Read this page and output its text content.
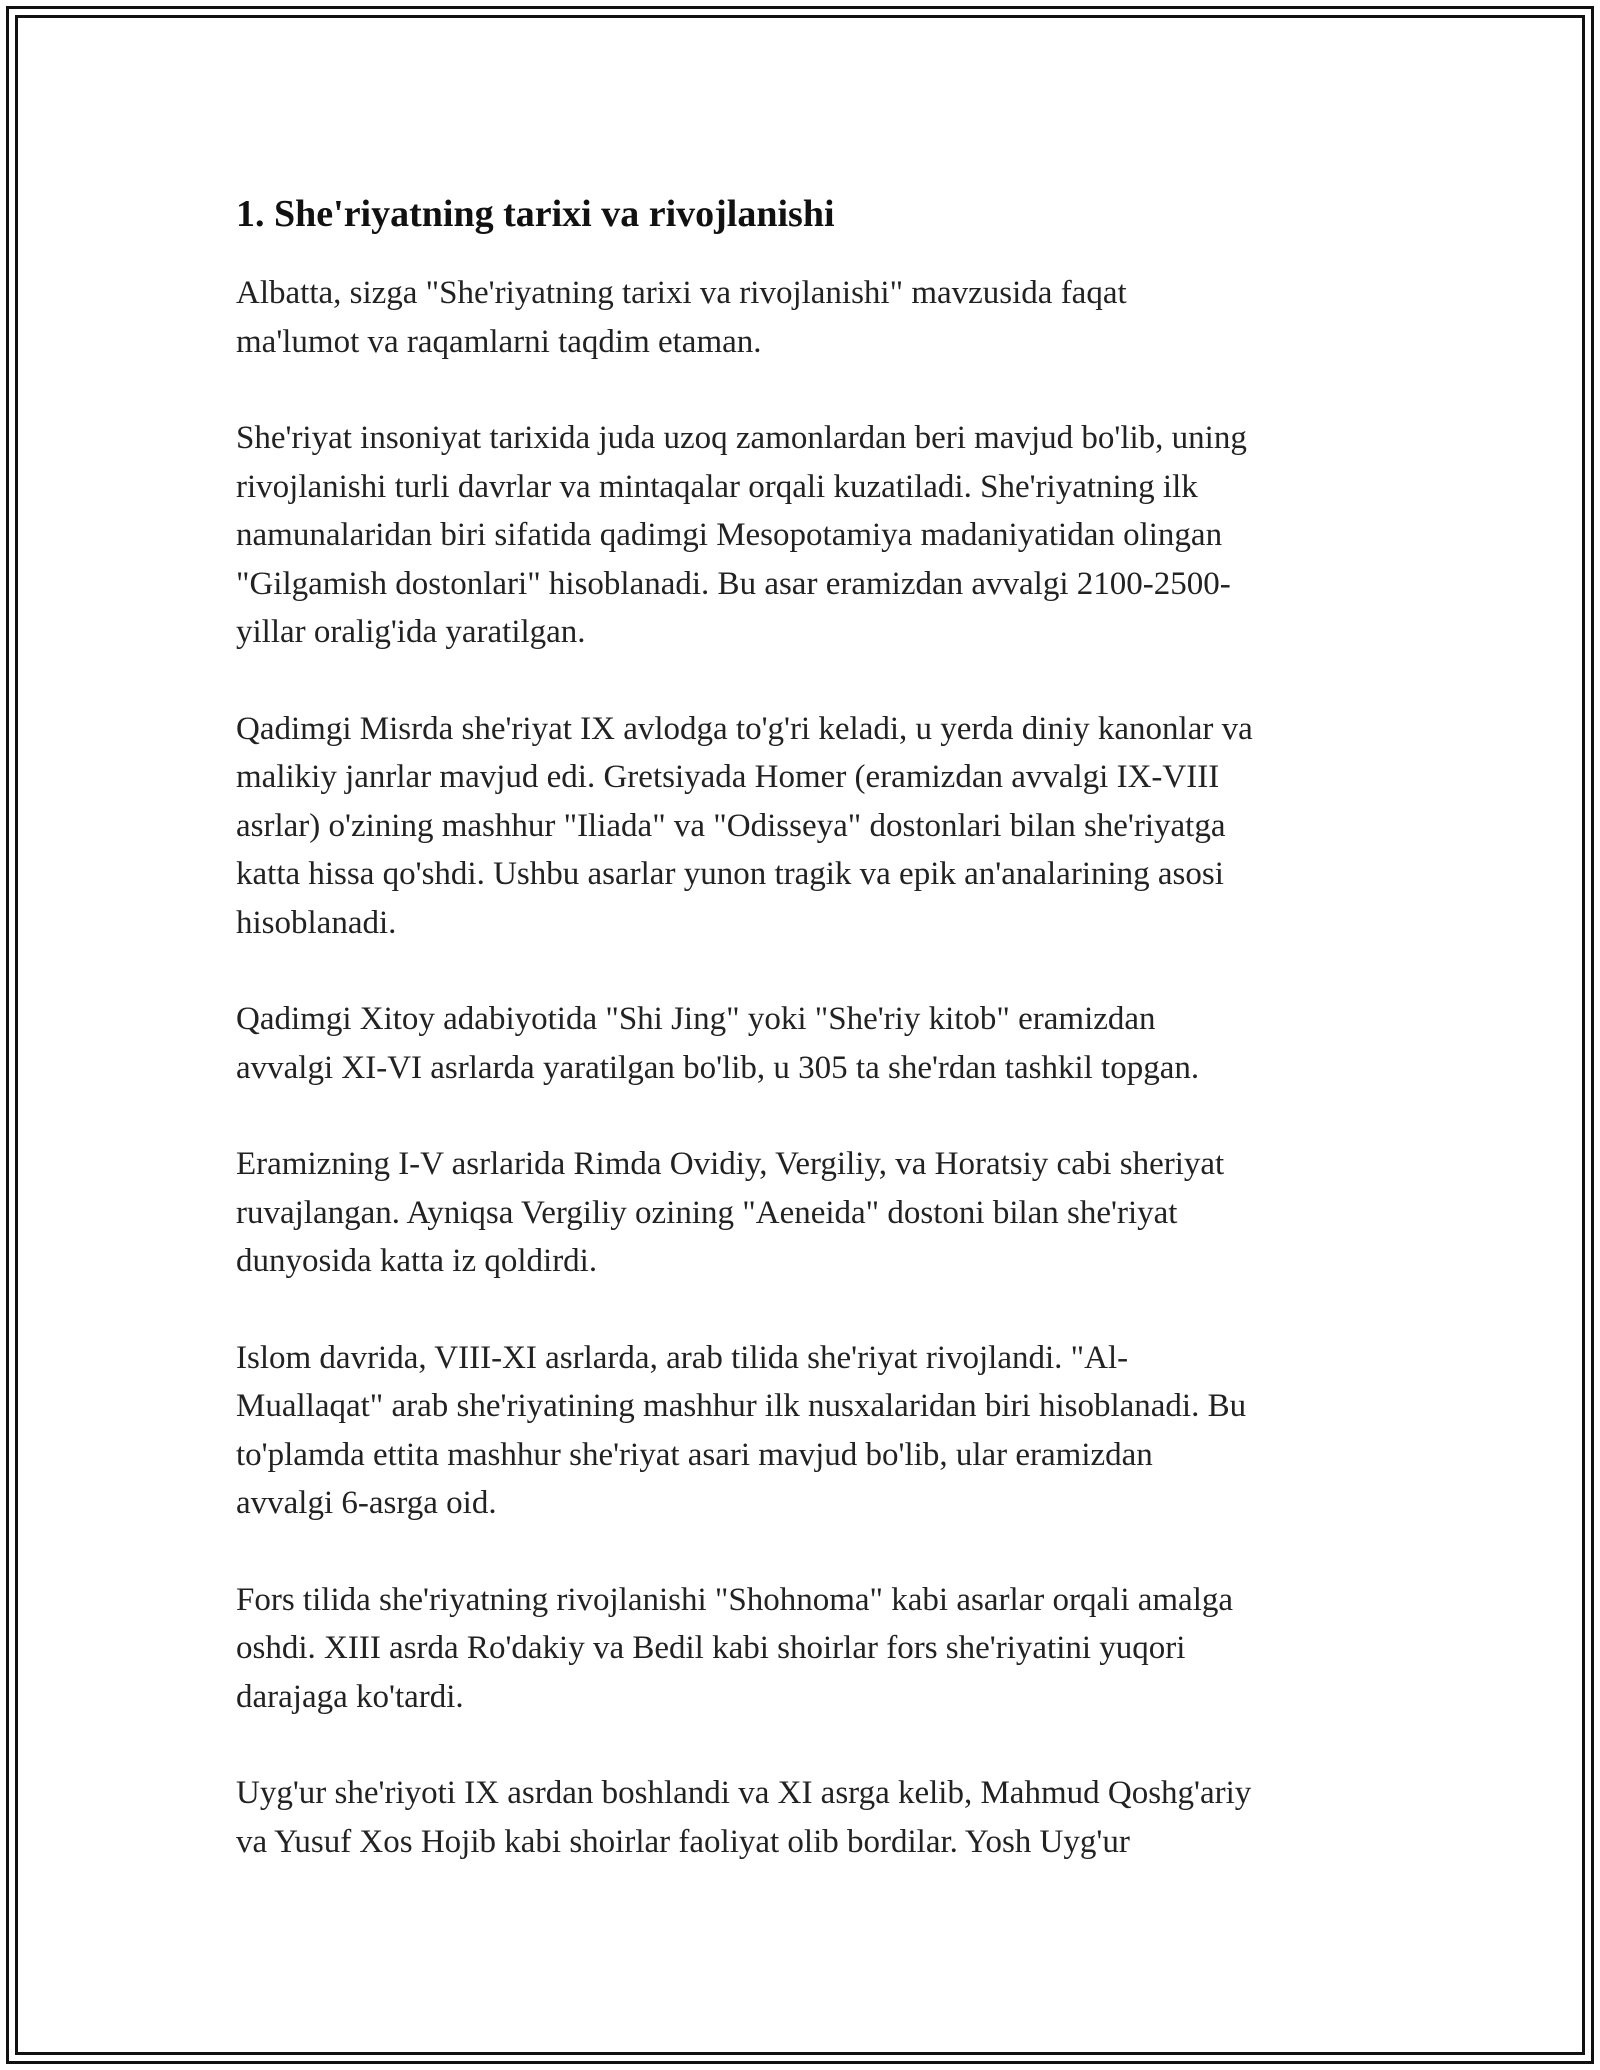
1. She'riyatning tarixi va rivojlanishi

Albatta, sizga "She'riyatning tarixi va rivojlanishi" mavzusida faqat
ma'lumot va raqamlarni taqdim etaman.

She'riyat insoniyat tarixida juda uzoq zamonlardan beri mavjud bo'lib, uning
rivojlanishi turli davrlar va mintaqalar orqali kuzatiladi. She'riyatning ilk
namunalaridan biri sifatida qadimgi Mesopotamiya madaniyatidan olingan
"Gilgamish dostonlari" hisoblanadi. Bu asar eramizdan avvalgi 2100-2500-
yillar oralig'ida yaratilgan.

Qadimgi Misrda she'riyat IX avlodga to'g'ri keladi, u yerda diniy kanonlar va
malikiy janrlar mavjud edi. Gretsiyada Homer (eramizdan avvalgi IX-VIII
asrlar) o'zining mashhur "Iliada" va "Odisseya" dostonlari bilan she'riyatga
katta hissa qo'shdi. Ushbu asarlar yunon tragik va epik an'analarining asosi
hisoblanadi.

Qadimgi Xitoy adabiyotida "Shi Jing" yoki "She'riy kitob" eramizdan
avvalgi XI-VI asrlarda yaratilgan bo'lib, u 305 ta she'rdan tashkil topgan.

Eramizning I-V asrlarida Rimda Ovidiy, Vergiliy, va Horatsiy cabi sheriyat
ruvajlangan. Ayniqsa Vergiliy ozining "Aeneida" dostoni bilan she'riyat
dunyosida katta iz qoldirdi.

Islom davrida, VIII-XI asrlarda, arab tilida she'riyat rivojlandi. "Al-
Muallaqat" arab she'riyatining mashhur ilk nusxalaridan biri hisoblanadi. Bu
to'plamda ettita mashhur she'riyat asari mavjud bo'lib, ular eramizdan
avvalgi 6-asrga oid.

Fors tilida she'riyatning rivojlanishi "Shohnoma" kabi asarlar orqali amalga
oshdi. XIII asrda Ro'dakiy va Bedil kabi shoirlar fors she'riyatini yuqori
darajaga ko'tardi.

Uyg'ur she'riyoti IX asrdan boshlandi va XI asrga kelib, Mahmud Qoshg'ariy
va Yusuf Xos Hojib kabi shoirlar faoliyat olib bordilar. Yosh Uyg'ur
